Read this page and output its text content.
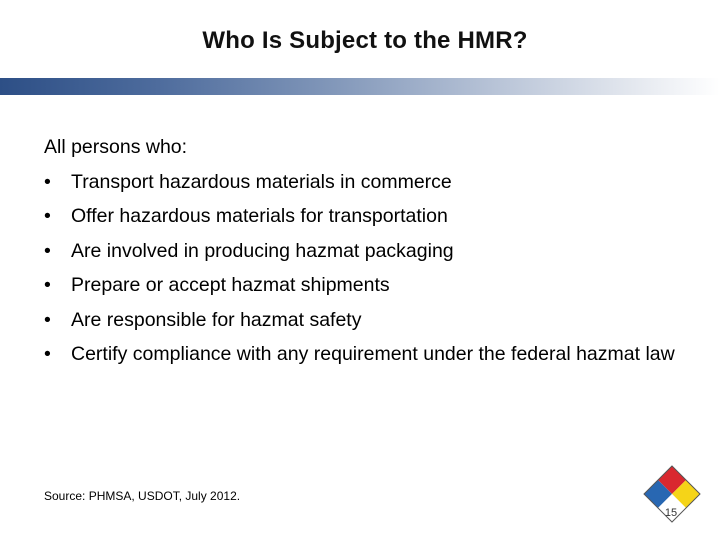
Who Is Subject to the HMR?

All persons who:

• Transport hazardous materials in commerce
• Offer hazardous materials for transportation
• Are involved in producing hazmat packaging
• Prepare or accept hazmat shipments
• Are responsible for hazmat safety
• Certify compliance with any requirement under the federal hazmat law
Source: PHMSA, USDOT, July 2012.
15
